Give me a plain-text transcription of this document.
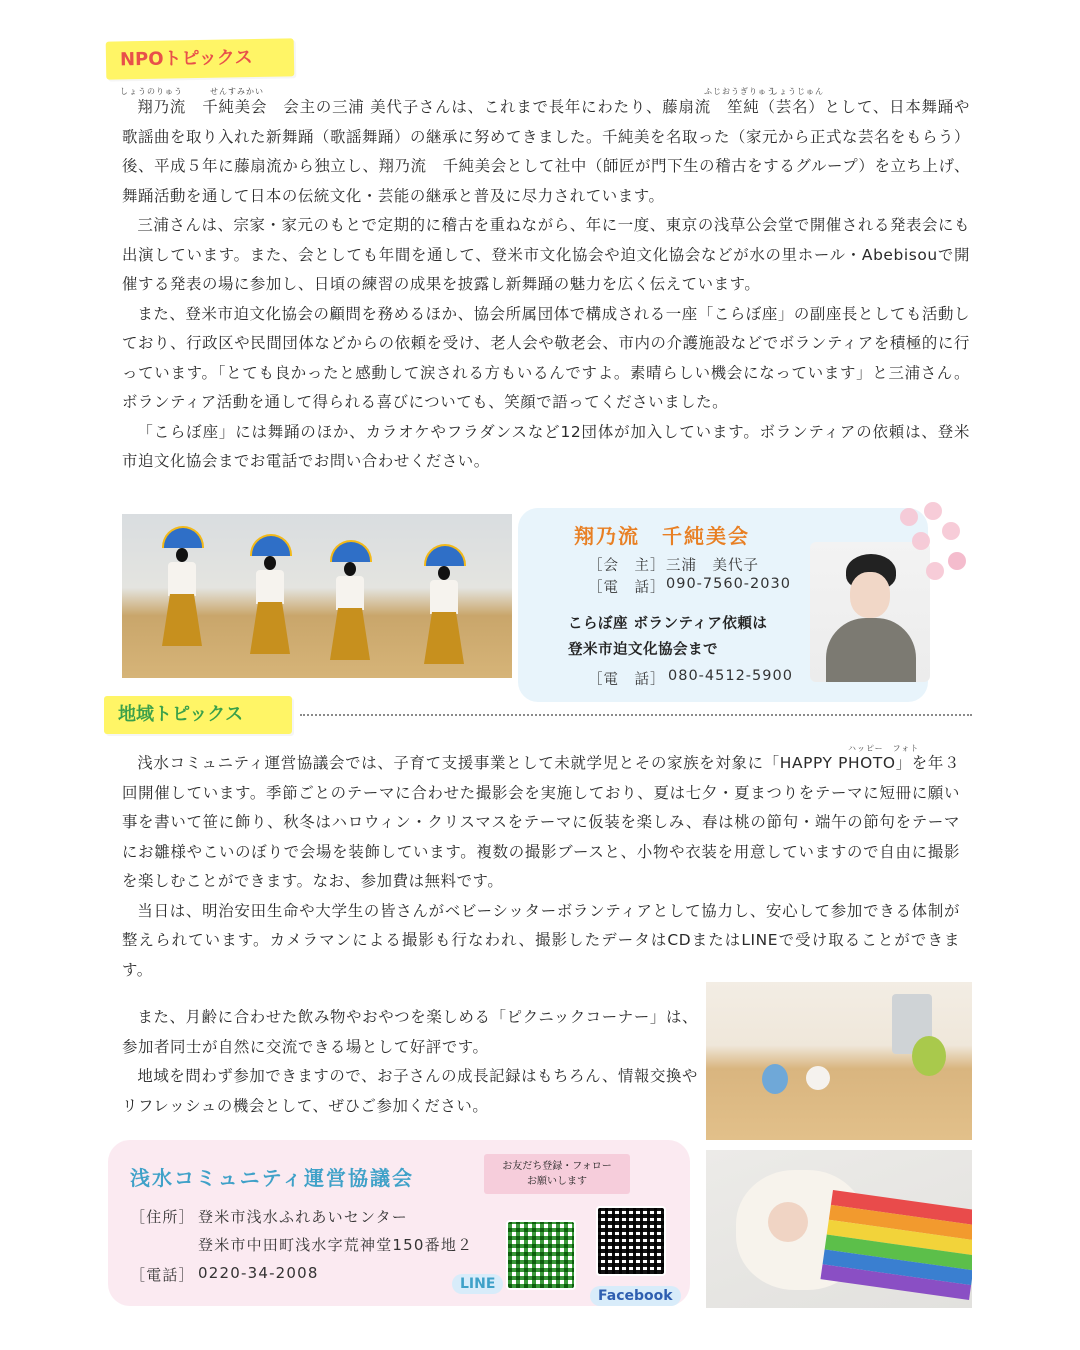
NPOトピックス
しょうのりゅう	せんすみかい	ふじおうぎりゅう
しょうじゅん

翔乃流　千純美会　会主の三浦 美代子さんは、これまで長年にわたり、藤扇流　笙純（芸名）として、日本舞踊や歌謡曲を取り入れた新舞踊（歌謡舞踊）の継承に努めてきました。千純美を名取った（家元から正式な芸名をもらう）後、平成５年に藤扇流から独立し、翔乃流　千純美会として社中（師匠が門下生の稽古をするグループ）を立ち上げ、舞踊活動を通して日本の伝統文化・芸能の継承と普及に尽力されています。

三浦さんは、宗家・家元のもとで定期的に稽古を重ねながら、年に一度、東京の浅草公会堂で開催される発表会にも出演しています。また、会としても年間を通して、登米市文化協会や迫文化協会などが水の里ホール・Abebisouで開催する発表の場に参加し、日頃の練習の成果を披露し新舞踊の魅力を広く伝えています。

また、登米市迫文化協会の顧問を務めるほか、協会所属団体で構成される一座「こらぼ座」の副座長としても活動しており、行政区や民間団体などからの依頼を受け、老人会や敬老会、市内の介護施設などでボランティアを積極的に行っています。「とても良かったと感動して涙される方もいるんですよ。素晴らしい機会になっています」と三浦さん。ボランティア活動を通して得られる喜びについても、笑顔で語ってくださいました。

「こらぼ座」には舞踊のほか、カラオケやフラダンスなど12団体が加入しています。ボランティアの依頼は、登米市迫文化協会までお電話でお問い合わせください。

翔乃流　千純美会
［会　主］ 三浦　美代子
［電　話］ 090-7560-2030
こらぼ座 ボランティア依頼は
登米市迫文化協会まで
［電　話］ 080-4512-5900
地域トピックス
ハッピー　フォト

浅水コミュニティ運営協議会では、子育て支援事業として未就学児とその家族を対象に「HAPPY PHOTO」を年３回開催しています。季節ごとのテーマに合わせた撮影会を実施しており、夏は七夕・夏まつりをテーマに短冊に願い事を書いて笹に飾り、秋冬はハロウィン・クリスマスをテーマに仮装を楽しみ、春は桃の節句・端午の節句をテーマにお雛様やこいのぼりで会場を装飾しています。複数の撮影ブースと、小物や衣装を用意していますので自由に撮影を楽しむことができます。なお、参加費は無料です。

当日は、明治安田生命や大学生の皆さんがベビーシッターボランティアとして協力し、安心して参加できる体制が整えられています。カメラマンによる撮影も行なわれ、撮影したデータはCDまたはLINEで受け取ることができます。

また、月齢に合わせた飲み物やおやつを楽しめる「ピクニックコーナー」は、参加者同士が自然に交流できる場として好評です。

地域を問わず参加できますので、お子さんの成長記録はもちろん、情報交換やリフレッシュの機会として、ぜひご参加ください。

浅水コミュニティ運営協議会
［住所］ 登米市浅水ふれあいセンター
登米市中田町浅水字荒神堂150番地２
［電話］ 0220-34-2008
お友だち登録・フォロー
お願いします
LINE
Facebook
